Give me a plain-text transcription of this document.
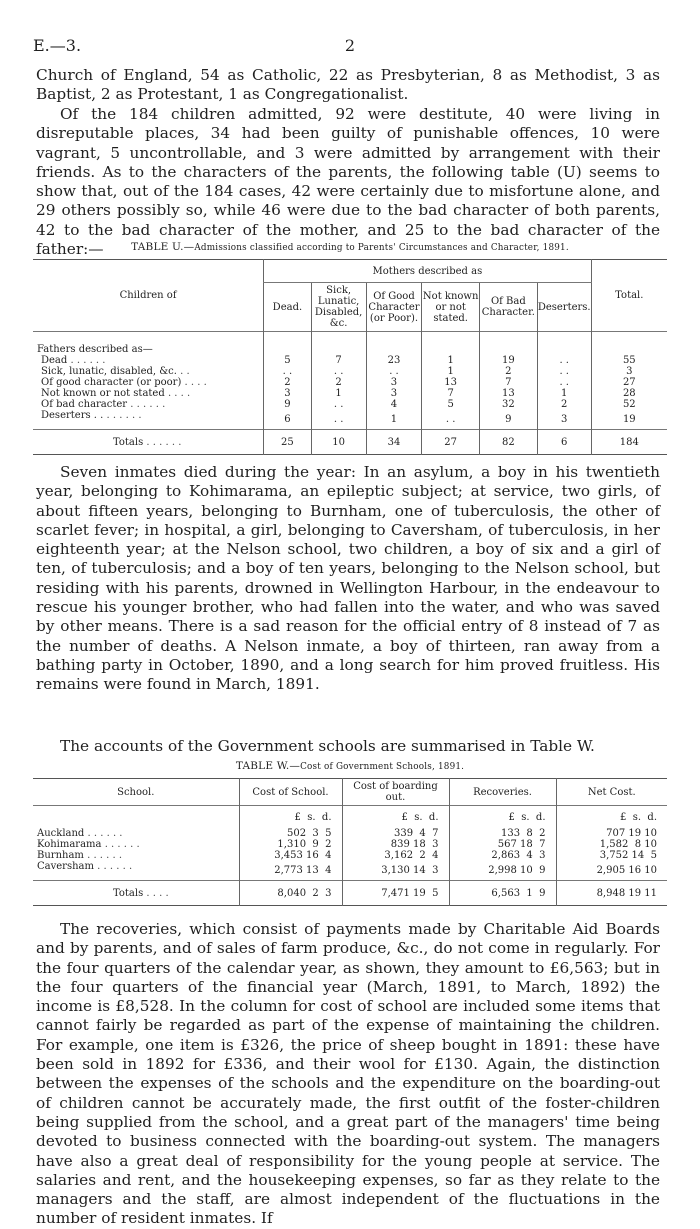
E.—3.	2
Church of England, 54 as Catholic, 22 as Presbyterian, 8 as Methodist, 3 as Baptist, 2 as Protestant, 1 as Congregationalist.
Of the 184 children admitted, 92 were destitute, 40 were living in disreputable places, 34 had been guilty of punishable offences, 10 were vagrant, 5 uncontrollable, and 3 were admitted by arrangement with their friends. As to the characters of the parents, the following table (U) seems to show that, out of the 184 cases, 42 were certainly due to misfortune alone, and 29 others possibly so, while 46 were due to the bad character of both parents, 42 to the bad character of the mother, and 25 to the bad character of the father:—	TABLE U.—Admissions classified according to Parents' Circumstances and Character, 1891.
Children of	Mothers described as						Total.
	Dead.	Sick, Lunatic, Disabled, &c.	Of Good Character (or Poor).	Not known or not stated.	Of Bad Character.	Deserters.	
Fathers described as—							
Dead . . . . . .	5	7	23	1	19	. .	55
Sick, lunatic, disabled, &c. . .	. .	. .	. .	1	2	. .	3
Of good character (or poor) . . . .	2	2	3	13	7	. .	27
Not known or not stated . . . .	3	1	3	7	13	1	28
Of bad character . . . . . .	9	. .	4	5	32	2	52
Deserters . . . . . . . .	6	. .	1	. .	9	3	19
Totals . . . . . .	25	10	34	27	82	6	184
Seven inmates died during the year: In an asylum, a boy in his twentieth year, belonging to Kohimarama, an epileptic subject; at service, two girls, of about fifteen years, belonging to Burnham, one of tuberculosis, the other of scarlet fever; in hospital, a girl, belonging to Caversham, of tuberculosis, in her eighteenth year; at the Nelson school, two children, a boy of six and a girl of ten, of tuberculosis; and a boy of ten years, belonging to the Nelson school, but residing with his parents, drowned in Wellington Harbour, in the endeavour to rescue his younger brother, who had fallen into the water, and who was saved by other means. There is a sad reason for the official entry of 8 instead of 7 as the number of deaths. A Nelson inmate, a boy of thirteen, ran away from a bathing party in October, 1890, and a long search for him proved fruitless. His remains were found in March, 1891.
The accounts of the Government schools are summarised in Table W.
TABLE W.—Cost of Government Schools, 1891.
School.	Cost of School.	Cost of boarding out.	Recoveries.	Net Cost.
	£  s.  d.	£  s.  d.	£  s.  d.	£  s.  d.
Auckland . . . . . .	502  3  5	339  4  7	133  8  2	707 19 10
Kohimarama . . . . . .	1,310  9  2	839 18  3	567 18  7	1,582  8 10
Burnham . . . . . .	3,453 16  4	3,162  2  4	2,863  4  3	3,752 14  5
Caversham . . . . . .	2,773 13  4	3,130 14  3	2,998 10  9	2,905 16 10
Totals . . . .	8,040  2  3	7,471 19  5	6,563  1  9	8,948 19 11
The recoveries, which consist of payments made by Charitable Aid Boards and by parents, and of sales of farm produce, &c., do not come in regularly. For the four quarters of the calendar year, as shown, they amount to £6,563; but in the four quarters of the financial year (March, 1891, to March, 1892) the income is £8,528. In the column for cost of school are included some items that cannot fairly be regarded as part of the expense of maintaining the children. For example, one item is £326, the price of sheep bought in 1891: these have been sold in 1892 for £336, and their wool for £130. Again, the distinction between the expenses of the schools and the expenditure on the boarding-out of children cannot be accurately made, the first outfit of the foster-children being supplied from the school, and a great part of the managers' time being devoted to business connected with the boarding-out system. The managers have also a great deal of responsibility for the young people at service. The salaries and rent, and the housekeeping expenses, so far as they relate to the managers and the staff, are almost independent of the fluctuations in the number of resident inmates. If
